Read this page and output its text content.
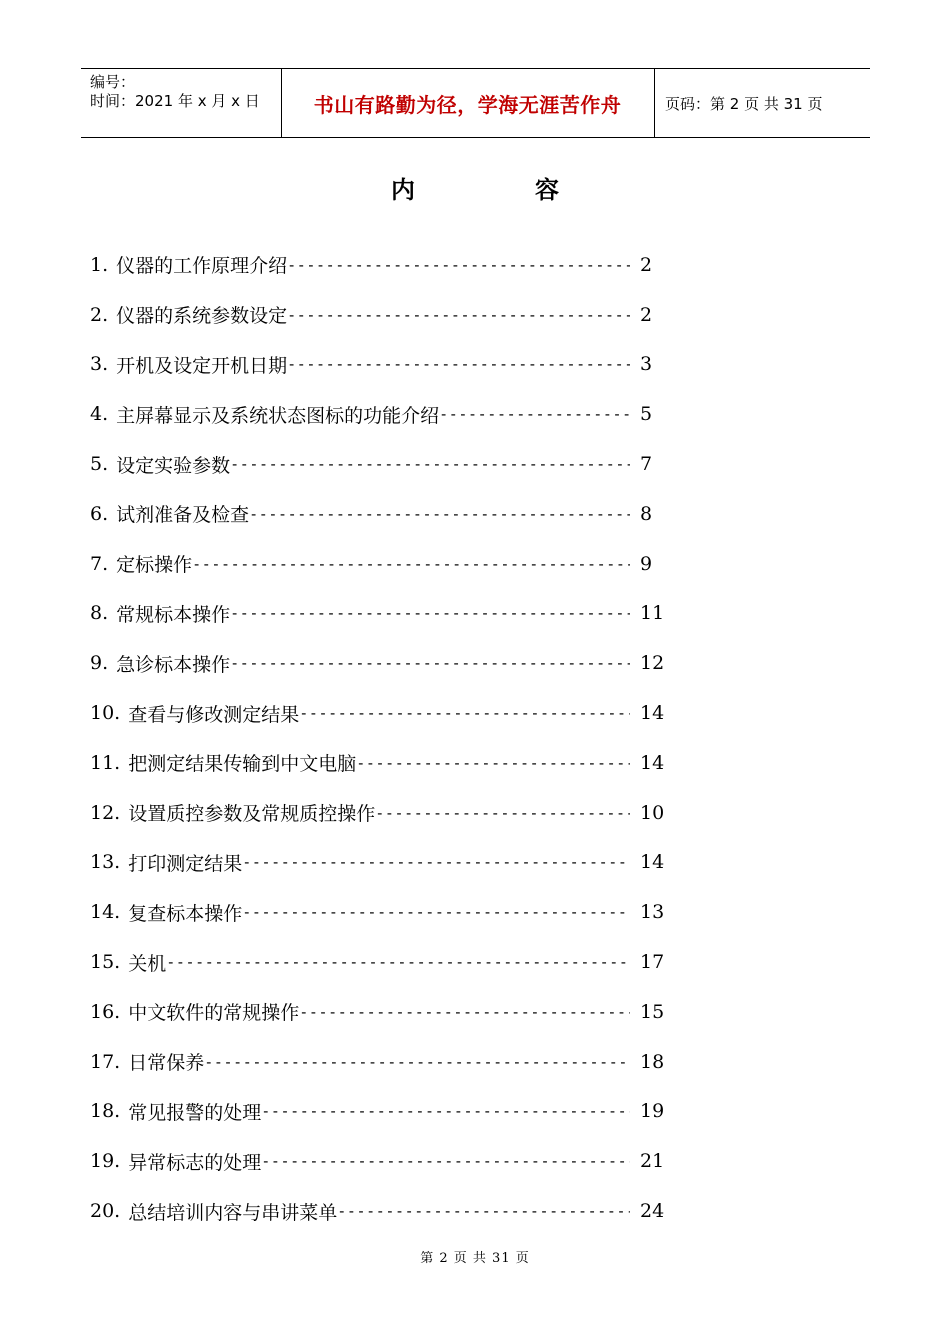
编号：
时间：2021 年 x 月 x 日	书山有路勤为径，学海无涯苦作舟	页码：第 2 页 共 31 页
内	容
1. 仪器的工作原理介绍 -----	2
2. 仪器的系统参数设定 -----	2
3. 开机及设定开机日期 -----	3
4. 主屏幕显示及系统状态图标的功能介绍 -----	5
5. 设定实验参数 -----	7
6. 试剂准备及检查 -----	8
7. 定标操作 -----	9
8. 常规标本操作 -----	11
9. 急诊标本操作 -----	12
10. 查看与修改测定结果 -----	14
11. 把测定结果传输到中文电脑 -----	14
12. 设置质控参数及常规质控操作 -----	10
13. 打印测定结果 -----	14
14. 复查标本操作 -----	13
15. 关机 -----	17
16. 中文软件的常规操作 -----	15
17. 日常保养 -----	18
18. 常见报警的处理 -----	19
19. 异常标志的处理 -----	21
20. 总结培训内容与串讲菜单 -----	24
第 2 页 共 31 页
